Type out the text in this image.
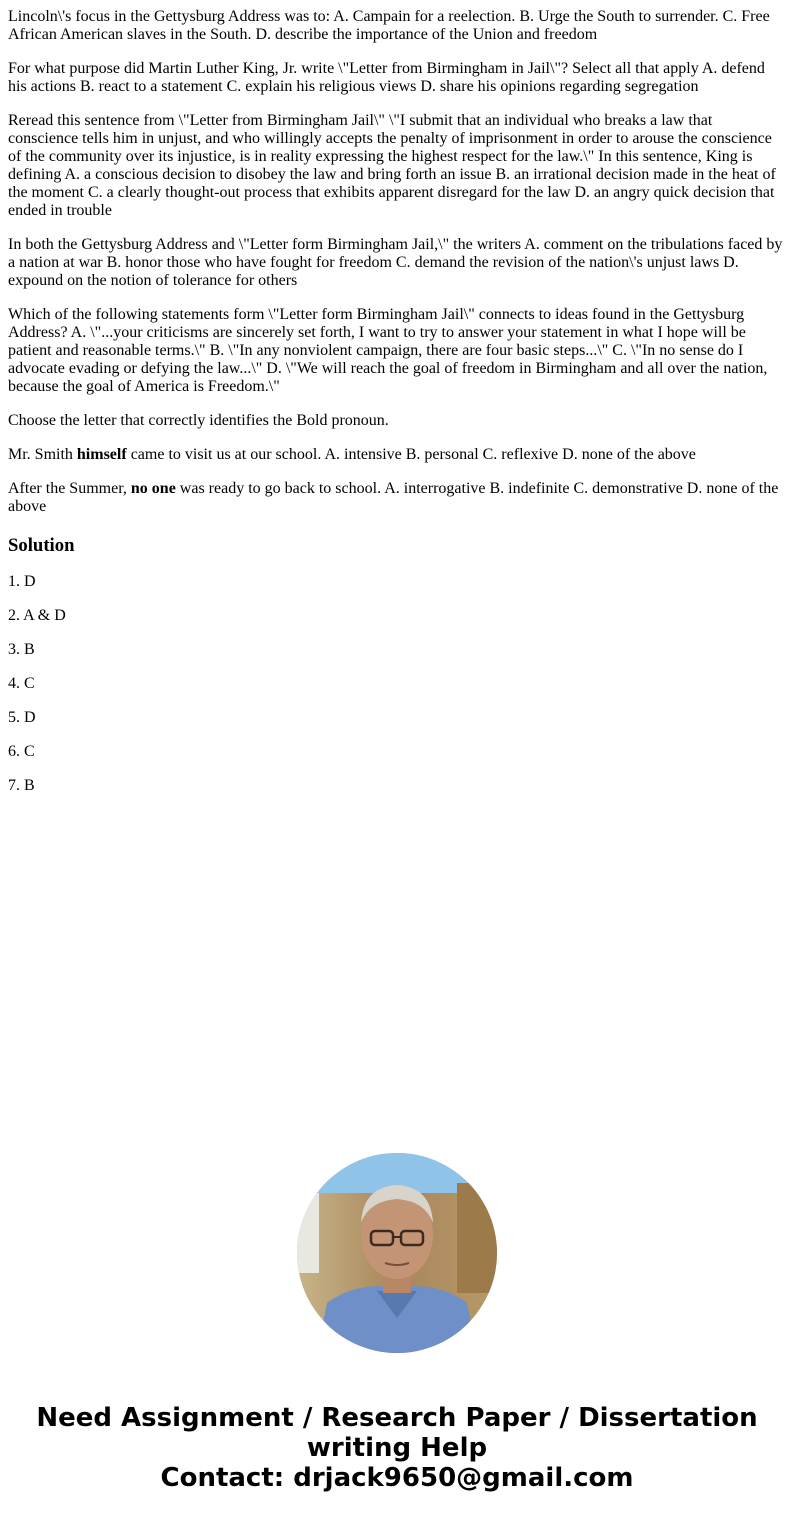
Lincoln\'s focus in the Gettysburg Address was to: A. Campain for a reelection. B. Urge the South to surrender. C. Free African American slaves in the South. D. describe the importance of the Union and freedom

For what purpose did Martin Luther King, Jr. write \"Letter from Birmingham in Jail\"? Select all that apply A. defend his actions B. react to a statement C. explain his religious views D. share his opinions regarding segregation

Reread this sentence from \"Letter from Birmingham Jail\" \"I submit that an individual who breaks a law that conscience tells him in unjust, and who willingly accepts the penalty of imprisonment in order to arouse the conscience of the community over its injustice, is in reality expressing the highest respect for the law.\" In this sentence, King is defining A. a conscious decision to disobey the law and bring forth an issue B. an irrational decision made in the heat of the moment C. a clearly thought-out process that exhibits apparent disregard for the law D. an angry quick decision that ended in trouble

In both the Gettysburg Address and \"Letter form Birmingham Jail,\" the writers A. comment on the tribulations faced by a nation at war B. honor those who have fought for freedom C. demand the revision of the nation\'s unjust laws D. expound on the notion of tolerance for others

Which of the following statements form \"Letter form Birmingham Jail\" connects to ideas found in the Gettysburg Address? A. \"...your criticisms are sincerely set forth, I want to try to answer your statement in what I hope will be patient and reasonable terms.\" B. \"In any nonviolent campaign, there are four basic steps...\" C. \"In no sense do I advocate evading or defying the law...\" D. \"We will reach the goal of freedom in Birmingham and all over the nation, because the goal of America is Freedom.\"

Choose the letter that correctly identifies the Bold pronoun.

Mr. Smith himself came to visit us at our school. A. intensive B. personal C. reflexive D. none of the above

After the Summer, no one was ready to go back to school. A. interrogative B. indefinite C. demonstrative D. none of the above

Solution

1. D

2. A & D

3. B

4. C

5. D

6. C

7. B

Need Assignment / Research Paper / Dissertation
writing Help
Contact: drjack9650@gmail.com
